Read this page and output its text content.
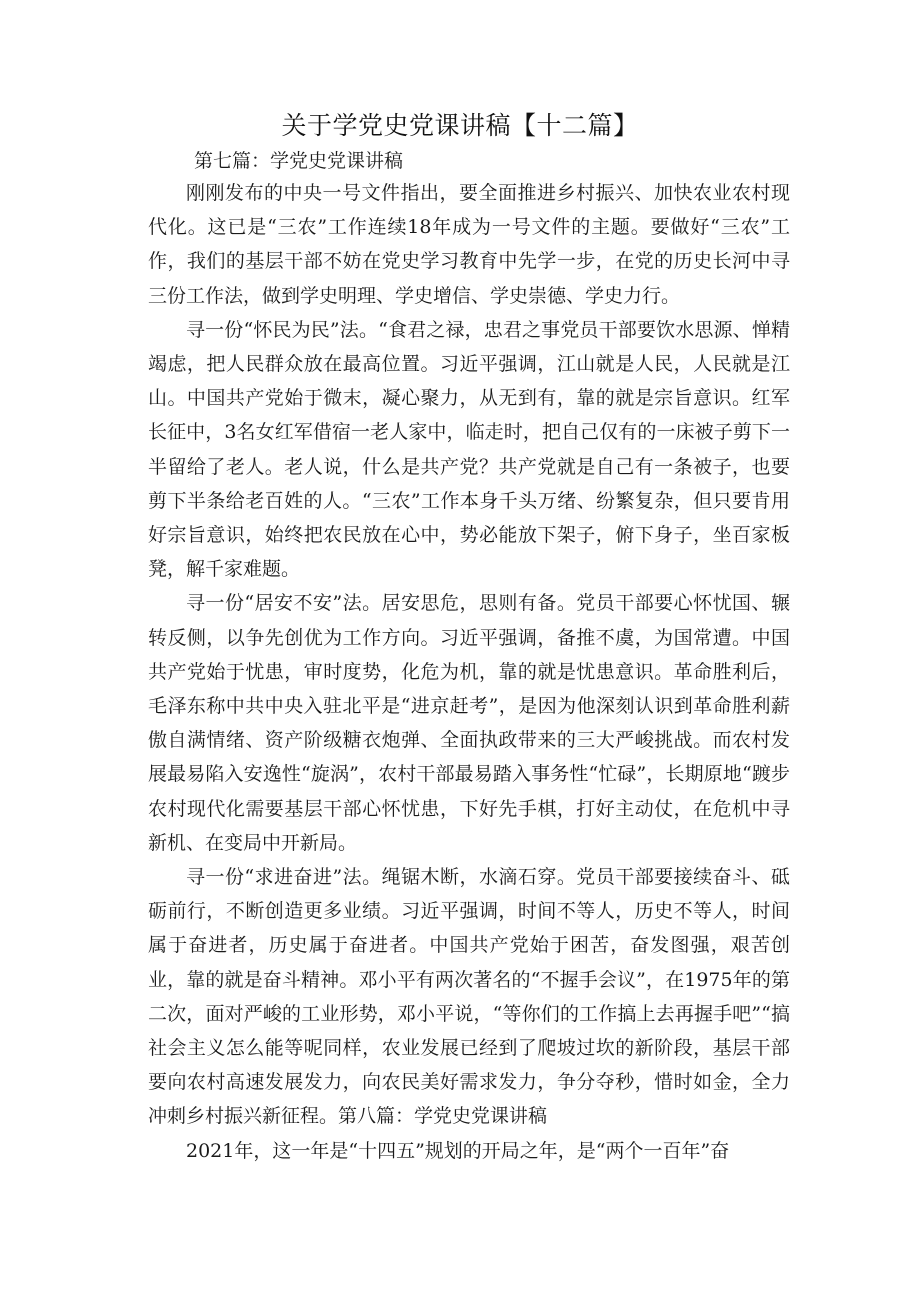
关于学党史党课讲稿【十二篇】
第七篇：学党史党课讲稿

刚刚发布的中央一号文件指出，要全面推进乡村振兴、加快农业农村现代化。这已是“三农”工作连续18年成为一号文件的主题。要做好“三农”工作，我们的基层干部不妨在党史学习教育中先学一步，在党的历史长河中寻三份工作法，做到学史明理、学史增信、学史崇德、学史力行。

寻一份“怀民为民”法。“食君之禄，忠君之事党员干部要饮水思源、惮精竭虑，把人民群众放在最高位置。习近平强调，江山就是人民，人民就是江山。中国共产党始于微末，凝心聚力，从无到有，靠的就是宗旨意识。红军长征中，3名女红军借宿一老人家中，临走时，把自己仅有的一床被子剪下一半留给了老人。老人说，什么是共产党？共产党就是自己有一条被子，也要剪下半条给老百姓的人。“三农”工作本身千头万绪、纷繁复杂，但只要肯用好宗旨意识，始终把农民放在心中，势必能放下架子，俯下身子，坐百家板凳，解千家难题。

寻一份“居安不安”法。居安思危，思则有备。党员干部要心怀忧国、辗转反侧，以争先创优为工作方向。习近平强调，备推不虞，为国常遭。中国共产党始于忧患，审时度势，化危为机，靠的就是忧患意识。革命胜利后，毛泽东称中共中央入驻北平是“进京赶考”，是因为他深刻认识到革命胜利薪傲自满情绪、资产阶级糖衣炮弹、全面执政带来的三大严峻挑战。而农村发展最易陷入安逸性“旋涡”，农村干部最易踏入事务性“忙碌”，长期原地“踱步农村现代化需要基层干部心怀忧患，下好先手棋，打好主动仗，在危机中寻新机、在变局中开新局。

寻一份“求进奋进”法。绳锯木断，水滴石穿。党员干部要接续奋斗、砥砺前行，不断创造更多业绩。习近平强调，时间不等人，历史不等人，时间属于奋进者，历史属于奋进者。中国共产党始于困苦，奋发图强，艰苦创业，靠的就是奋斗精神。邓小平有两次著名的“不握手会议”，在1975年的第二次，面对严峻的工业形势，邓小平说，“等你们的工作搞上去再握手吧”“搞社会主义怎么能等呢同样，农业发展已经到了爬坡过坎的新阶段，基层干部要向农村高速发展发力，向农民美好需求发力，争分夺秒，惜时如金，全力冲刺乡村振兴新征程。第八篇：学党史党课讲稿

2021年，这一年是“十四五”规划的开局之年，是“两个一百年”奋
